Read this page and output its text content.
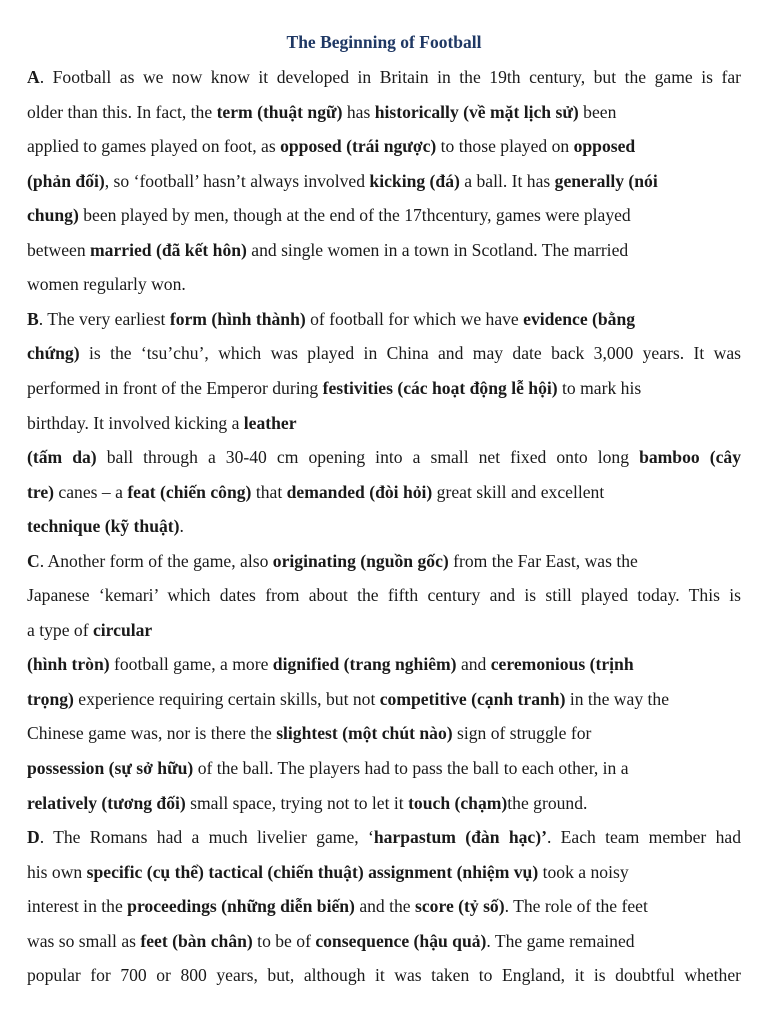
The Beginning of Football
A. Football as we now know it developed in Britain in the 19th century, but the game is far
older than this. In fact, the term (thuật ngữ) has historically (về mặt lịch sử) been
applied to games played on foot, as opposed (trái ngược) to those played on opposed
(phản đối), so ‘football’ hasn’t always involved kicking (đá) a ball. It has generally (nói
chung) been played by men, though at the end of the 17thcentury, games were played
between married (đã kết hôn) and single women in a town in Scotland. The married
women regularly won.
B. The very earliest form (hình thành) of football for which we have evidence (bằng
chứng) is the ‘tsu’chu’, which was played in China and may date back 3,000 years. It was
performed in front of the Emperor during festivities (các hoạt động lễ hội) to mark his
birthday. It involved kicking a leather
(tấm da) ball through a 30-40 cm opening into a small net fixed onto long bamboo (cây
tre) canes – a feat (chiến công) that demanded (đòi hỏi) great skill and excellent
technique (kỹ thuật).
C. Another form of the game, also originating (nguồn gốc) from the Far East, was the
Japanese ‘kemari’ which dates from about the fifth century and is still played today. This is
a type of circular
(hình tròn) football game, a more dignified (trang nghiêm) and ceremonious (trịnh
trọng) experience requiring certain skills, but not competitive (cạnh tranh) in the way the
Chinese game was, nor is there the slightest (một chút nào) sign of struggle for
possession (sự sở hữu) of the ball. The players had to pass the ball to each other, in a
relatively (tương đối) small space, trying not to let it touch (chạm)the ground.
D. The Romans had a much livelier game, ‘harpastum (đàn hạc)’. Each team member had
his own specific (cụ thể) tactical (chiến thuật) assignment (nhiệm vụ) took a noisy
interest in the proceedings (những diễn biến) and the score (tỷ số). The role of the feet
was so small as feet (bàn chân) to be of consequence (hậu quả). The game remained
popular for 700 or 800 years, but, although it was taken to England, it is doubtful whether
